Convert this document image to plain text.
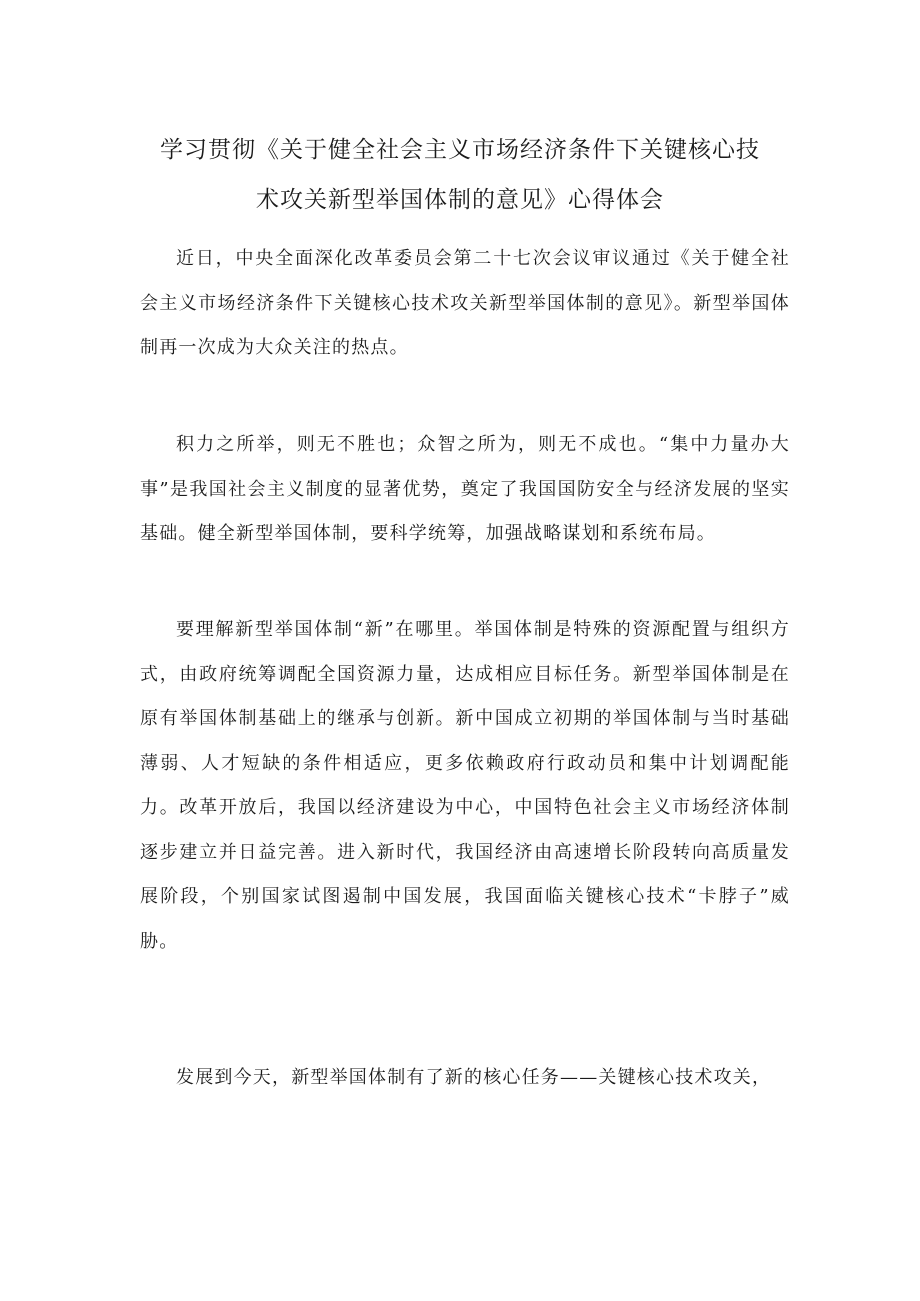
学习贯彻《关于健全社会主义市场经济条件下关键核心技
术攻关新型举国体制的意见》心得体会

近日，中央全面深化改革委员会第二十七次会议审议通过《关于健全社会主义市场经济条件下关键核心技术攻关新型举国体制的意见》。新型举国体制再一次成为大众关注的热点。

积力之所举，则无不胜也；众智之所为，则无不成也。“集中力量办大事”是我国社会主义制度的显著优势，奠定了我国国防安全与经济发展的坚实基础。健全新型举国体制，要科学统筹，加强战略谋划和系统布局。

要理解新型举国体制“新”在哪里。举国体制是特殊的资源配置与组织方式，由政府统筹调配全国资源力量，达成相应目标任务。新型举国体制是在原有举国体制基础上的继承与创新。新中国成立初期的举国体制与当时基础薄弱、人才短缺的条件相适应，更多依赖政府行政动员和集中计划调配能力。改革开放后，我国以经济建设为中心，中国特色社会主义市场经济体制逐步建立并日益完善。进入新时代，我国经济由高速增长阶段转向高质量发展阶段，个别国家试图遏制中国发展，我国面临关键核心技术“卡脖子”威胁。

发展到今天，新型举国体制有了新的核心任务——关键核心技术攻关，
